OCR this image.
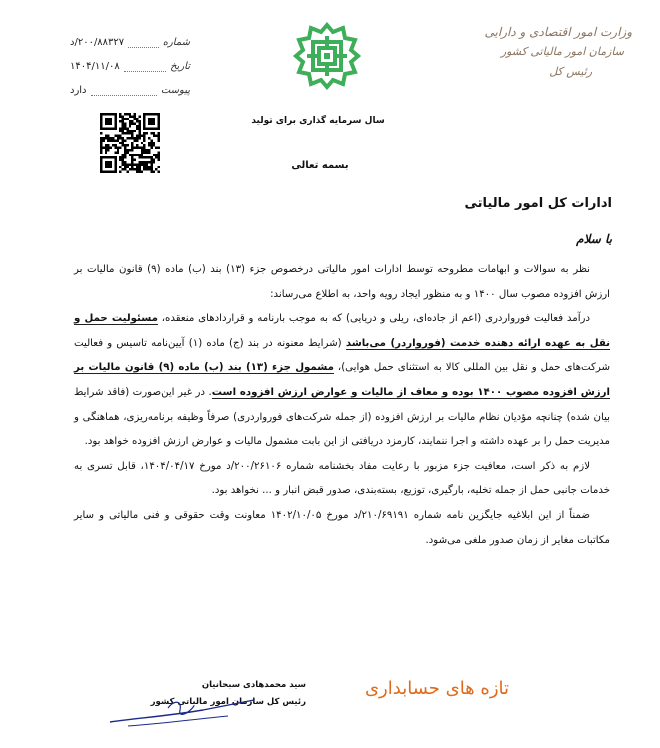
وزارت امور اقتصادی و دارایی
سازمان امور مالیاتی کشور
رئیس کل
سال سرمایه گذاری برای تولید
شماره
۲۰۰/۸۸۳۲۷/د
تاریخ
۱۴۰۴/۱۱/۰۸
پیوست
دارد
بسمه تعالی
ادارات کل امور مالیاتی
با سلام

نظر به سوالات و ابهامات مطروحه توسط ادارات امور مالیاتی درخصوص جزء (۱۳) بند (ب) ماده (۹) قانون مالیات بر ارزش افزوده مصوب سال ۱۴۰۰ و به منظور ایجاد رویه واحد، به اطلاع می‌رساند:

درآمد فعالیت فورواردری (اعم از جاده‌ای، ریلی و دریایی) که به موجب بارنامه و قراردادهای منعقده، مسئولیت حمل و نقل به عهده ارائه دهنده خدمت (فورواردر) می‌باشد (شرایط معنونه در بند (ج) ماده (۱) آیین‌نامه تاسیس و فعالیت شرکت‌های حمل و نقل بین المللی کالا به استثنای حمل هوایی)، مشمول جزء (۱۳) بند (ب) ماده (۹) قانون مالیات بر ارزش افزوده مصوب ۱۴۰۰ بوده و معاف از مالیات و عوارض ارزش افزوده است. در غیر این‌صورت (فاقد شرایط بیان شده) چنانچه مؤدیان نظام مالیات بر ارزش افزوده (از جمله شرکت‌های فورواردری) صرفاً وظیفه برنامه‌ریزی، هماهنگی و مدیریت حمل را بر عهده داشته و اجرا ننمایند، کارمزد دریافتی از این بابت مشمول مالیات و عوارض ارزش افزوده خواهد بود.

لازم به ذکر است، معافیت جزء مزبور با رعایت مفاد بخشنامه شماره ۲۰۰/۲۶۱۰۶/د مورخ ۱۴۰۴/۰۴/۱۷، قابل تسری به خدمات جانبی حمل از جمله تخلیه، بارگیری، توزیع، بسته‌بندی، صدور قبض انبار و ... نخواهد بود.

ضمناً از این ابلاغیه جایگزین نامه شماره ۲۱۰/۶۹۱۹۱/د مورخ ۱۴۰۲/۱۰/۰۵ معاونت وقت حقوقی و فنی مالیاتی و سایر مکاتبات مغایر از زمان صدور ملغی می‌شود.

سید محمدهادی سبحانیان
رئیس کل سازمان امور مالیاتی کشور
تازه های حسابداری
